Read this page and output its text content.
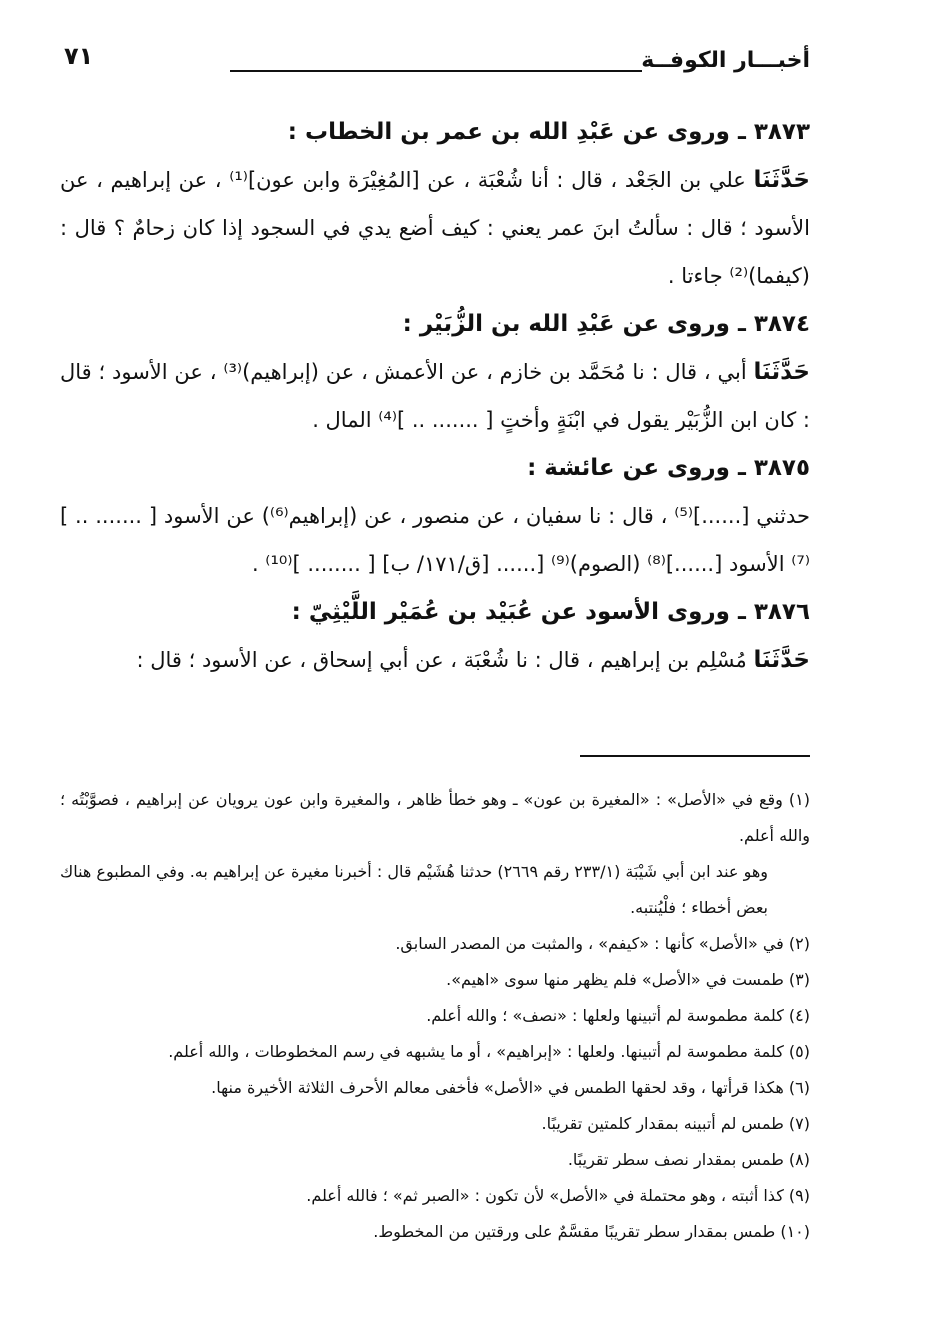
أخبـــار الكوفــة
٧١
٣٨٧٣ ـ وروى عن عَبْدِ الله بن عمر بن الخطاب :

حَدَّثَنَا علي بن الجَعْد ، قال : أنا شُعْبَة ، عن [المُغِيْرَة وابن عون]⁽¹⁾ ، عن إبراهيم ، عن الأسود ؛ قال : سألتُ ابنَ عمر يعني : كيف أضع يدي في السجود إذا كان زحامٌ ؟ قال : (كيفما)⁽²⁾ جاءتا .

٣٨٧٤ ـ وروى عن عَبْدِ الله بن الزُّبَيْر :

حَدَّثَنَا أبي ، قال : نا مُحَمَّد بن خازم ، عن الأعمش ، عن (إبراهيم)⁽³⁾ ، عن الأسود ؛ قال : كان ابن الزُّبَيْر يقول في ابْنَةٍ وأختٍ [ ....... .. ]⁽⁴⁾ المال .

٣٨٧٥ ـ وروى عن عائشة :

حدثني [......]⁽⁵⁾ ، قال : نا سفيان ، عن منصور ، عن (إبراهيم⁽⁶⁾) عن الأسود [ ....... .. ]⁽⁷⁾ الأسود [......]⁽⁸⁾ (الصوم)⁽⁹⁾ [...... [ق/١٧١/ ب] [ ........ ]⁽¹⁰⁾ .

٣٨٧٦ ـ وروى الأسود عن عُبَيْد بن عُمَيْر اللَّيْثِيّ :

حَدَّثَنَا مُسْلِم بن إبراهيم ، قال : نا شُعْبَة ، عن أبي إسحاق ، عن الأسود ؛ قال :

(١) وقع في «الأصل» : «المغيرة بن عون» ـ وهو خطأ ظاهر ، والمغيرة وابن عون يرويان عن إبراهيم ، فصوَّبْتُه ؛ والله أعلم.

وهو عند ابن أبي شَيْبَة (٢٣٣/١ رقم ٢٦٦٩) حدثنا هُشَيْم قال : أخبرنا مغيرة عن إبراهيم به. وفي المطبوع هناك بعض أخطاء ؛ فلْيُنتبه.

(٢) في «الأصل» كأنها : «كيفم» ، والمثبت من المصدر السابق.

(٣) طمست في «الأصل» فلم يظهر منها سوى «اهيم».

(٤) كلمة مطموسة لم أتبينها ولعلها : «نصف» ؛ والله أعلم.

(٥) كلمة مطموسة لم أتبينها. ولعلها : «إبراهيم» ، أو ما يشبهه في رسم المخطوطات ، والله أعلم.

(٦) هكذا قرأتها ، وقد لحقها الطمس في «الأصل» فأخفى معالم الأحرف الثلاثة الأخيرة منها.

(٧) طمس لم أتبينه بمقدار كلمتين تقريبًا.

(٨) طمس بمقدار نصف سطر تقريبًا.

(٩) كذا أثبته ، وهو محتملة في «الأصل» لأن تكون : «الصبر ثم» ؛ فالله أعلم.

(١٠) طمس بمقدار سطر تقريبًا مقسَّمٌ على ورقتين من المخطوط.
